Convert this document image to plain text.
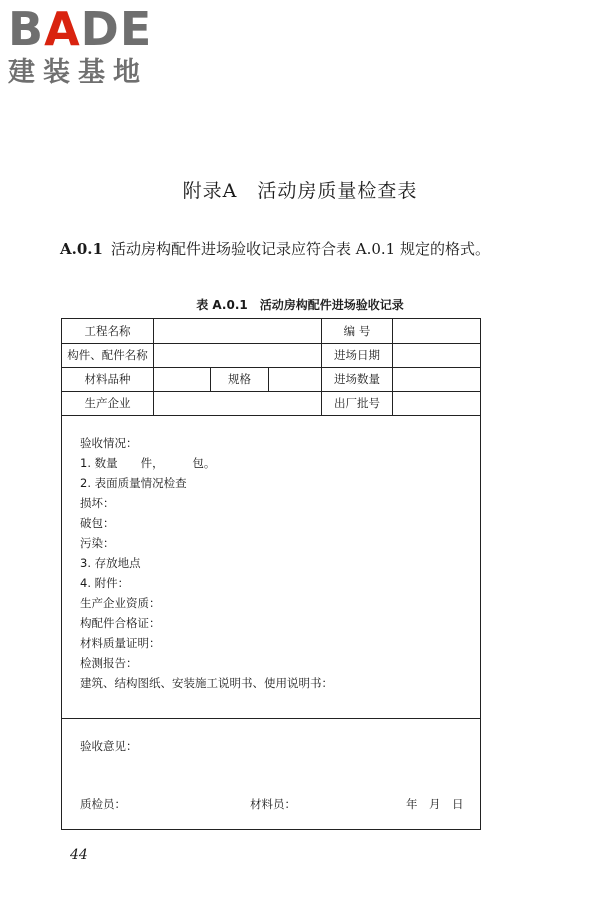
BADE
建装基地
附录A　活动房质量检查表
A.0.1 活动房构配件进场验收记录应符合表 A.0.1 规定的格式。
表 A.0.1　活动房构配件进场验收记录
工程名称	编 号
构件、配件名称	进场日期
材料品种	规格	进场数量
生产企业	出厂批号
验收情况：
1. 数量　　件，　　　包。
2. 表面质量情况检查
损坏：
破包：
污染：
3. 存放地点
4. 附件：
生产企业资质：
构配件合格证：
材料质量证明：
检测报告：
建筑、结构图纸、安装施工说明书、使用说明书：
验收意见：
质检员：	材料员：	年　月　日
44
